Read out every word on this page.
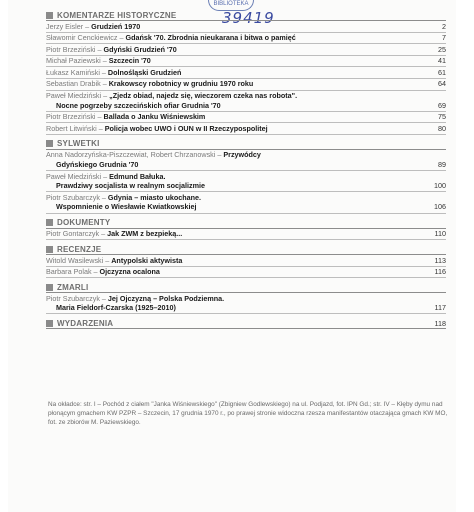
BIBLIOTEKA
39419
KOMENTARZE HISTORYCZNE
Jerzy Eisler – Grudzień 1970	2
Sławomir Cenckiewicz – Gdańsk '70. Zbrodnia nieukarana i bitwa o pamięć	7
Piotr Brzeziński – Gdyński Grudzień '70	25
Michał Paziewski – Szczecin '70	41
Łukasz Kamiński – Dolnośląski Grudzień	61
Sebastian Drabik – Krakowscy robotnicy w grudniu 1970 roku	64
Paweł Miedziński – „Zjedz obiad, najedz się, wieczorem czeka nas robota".
Nocne pogrzeby szczecińskich ofiar Grudnia '70	69
Piotr Brzeziński – Ballada o Janku Wiśniewskim	75
Robert Litwiński – Policja wobec UWO i OUN w II Rzeczypospolitej	80
SYLWETKI
Anna Nadorzyńska-Piszczewiat, Robert Chrzanowski – Przywódcy
Gdyńskiego Grudnia '70	89
Paweł Miedziński – Edmund Bałuka.
Prawdziwy socjalista w realnym socjalizmie	100
Piotr Szubarczyk – Gdynia – miasto ukochane.
Wspomnienie o Wiesławie Kwiatkowskiej	106
DOKUMENTY
Piotr Gontarczyk – Jak ZWM z bezpieką...	110
RECENZJE
Witold Wasilewski – Antypolski aktywista	113
Barbara Polak – Ojczyzna ocalona	116
ZMARLI
Piotr Szubarczyk – Jej Ojczyzną – Polska Podziemna.
Maria Fieldorf-Czarska (1925–2010)	117
WYDARZENIA	118
Na okładce: str. I – Pochód z ciałem "Janka Wiśniewskiego" (Zbigniew Godlewskiego) na ul. Podjazd, fot. IPN Gd.; str. IV – Kłęby dymu nad płonącym gmachem KW PZPR – Szczecin, 17 grudnia 1970 r., po prawej stronie widoczna rzesza manifestantów otaczająca gmach KW MO, fot. ze zbiorów M. Paziewskiego.
